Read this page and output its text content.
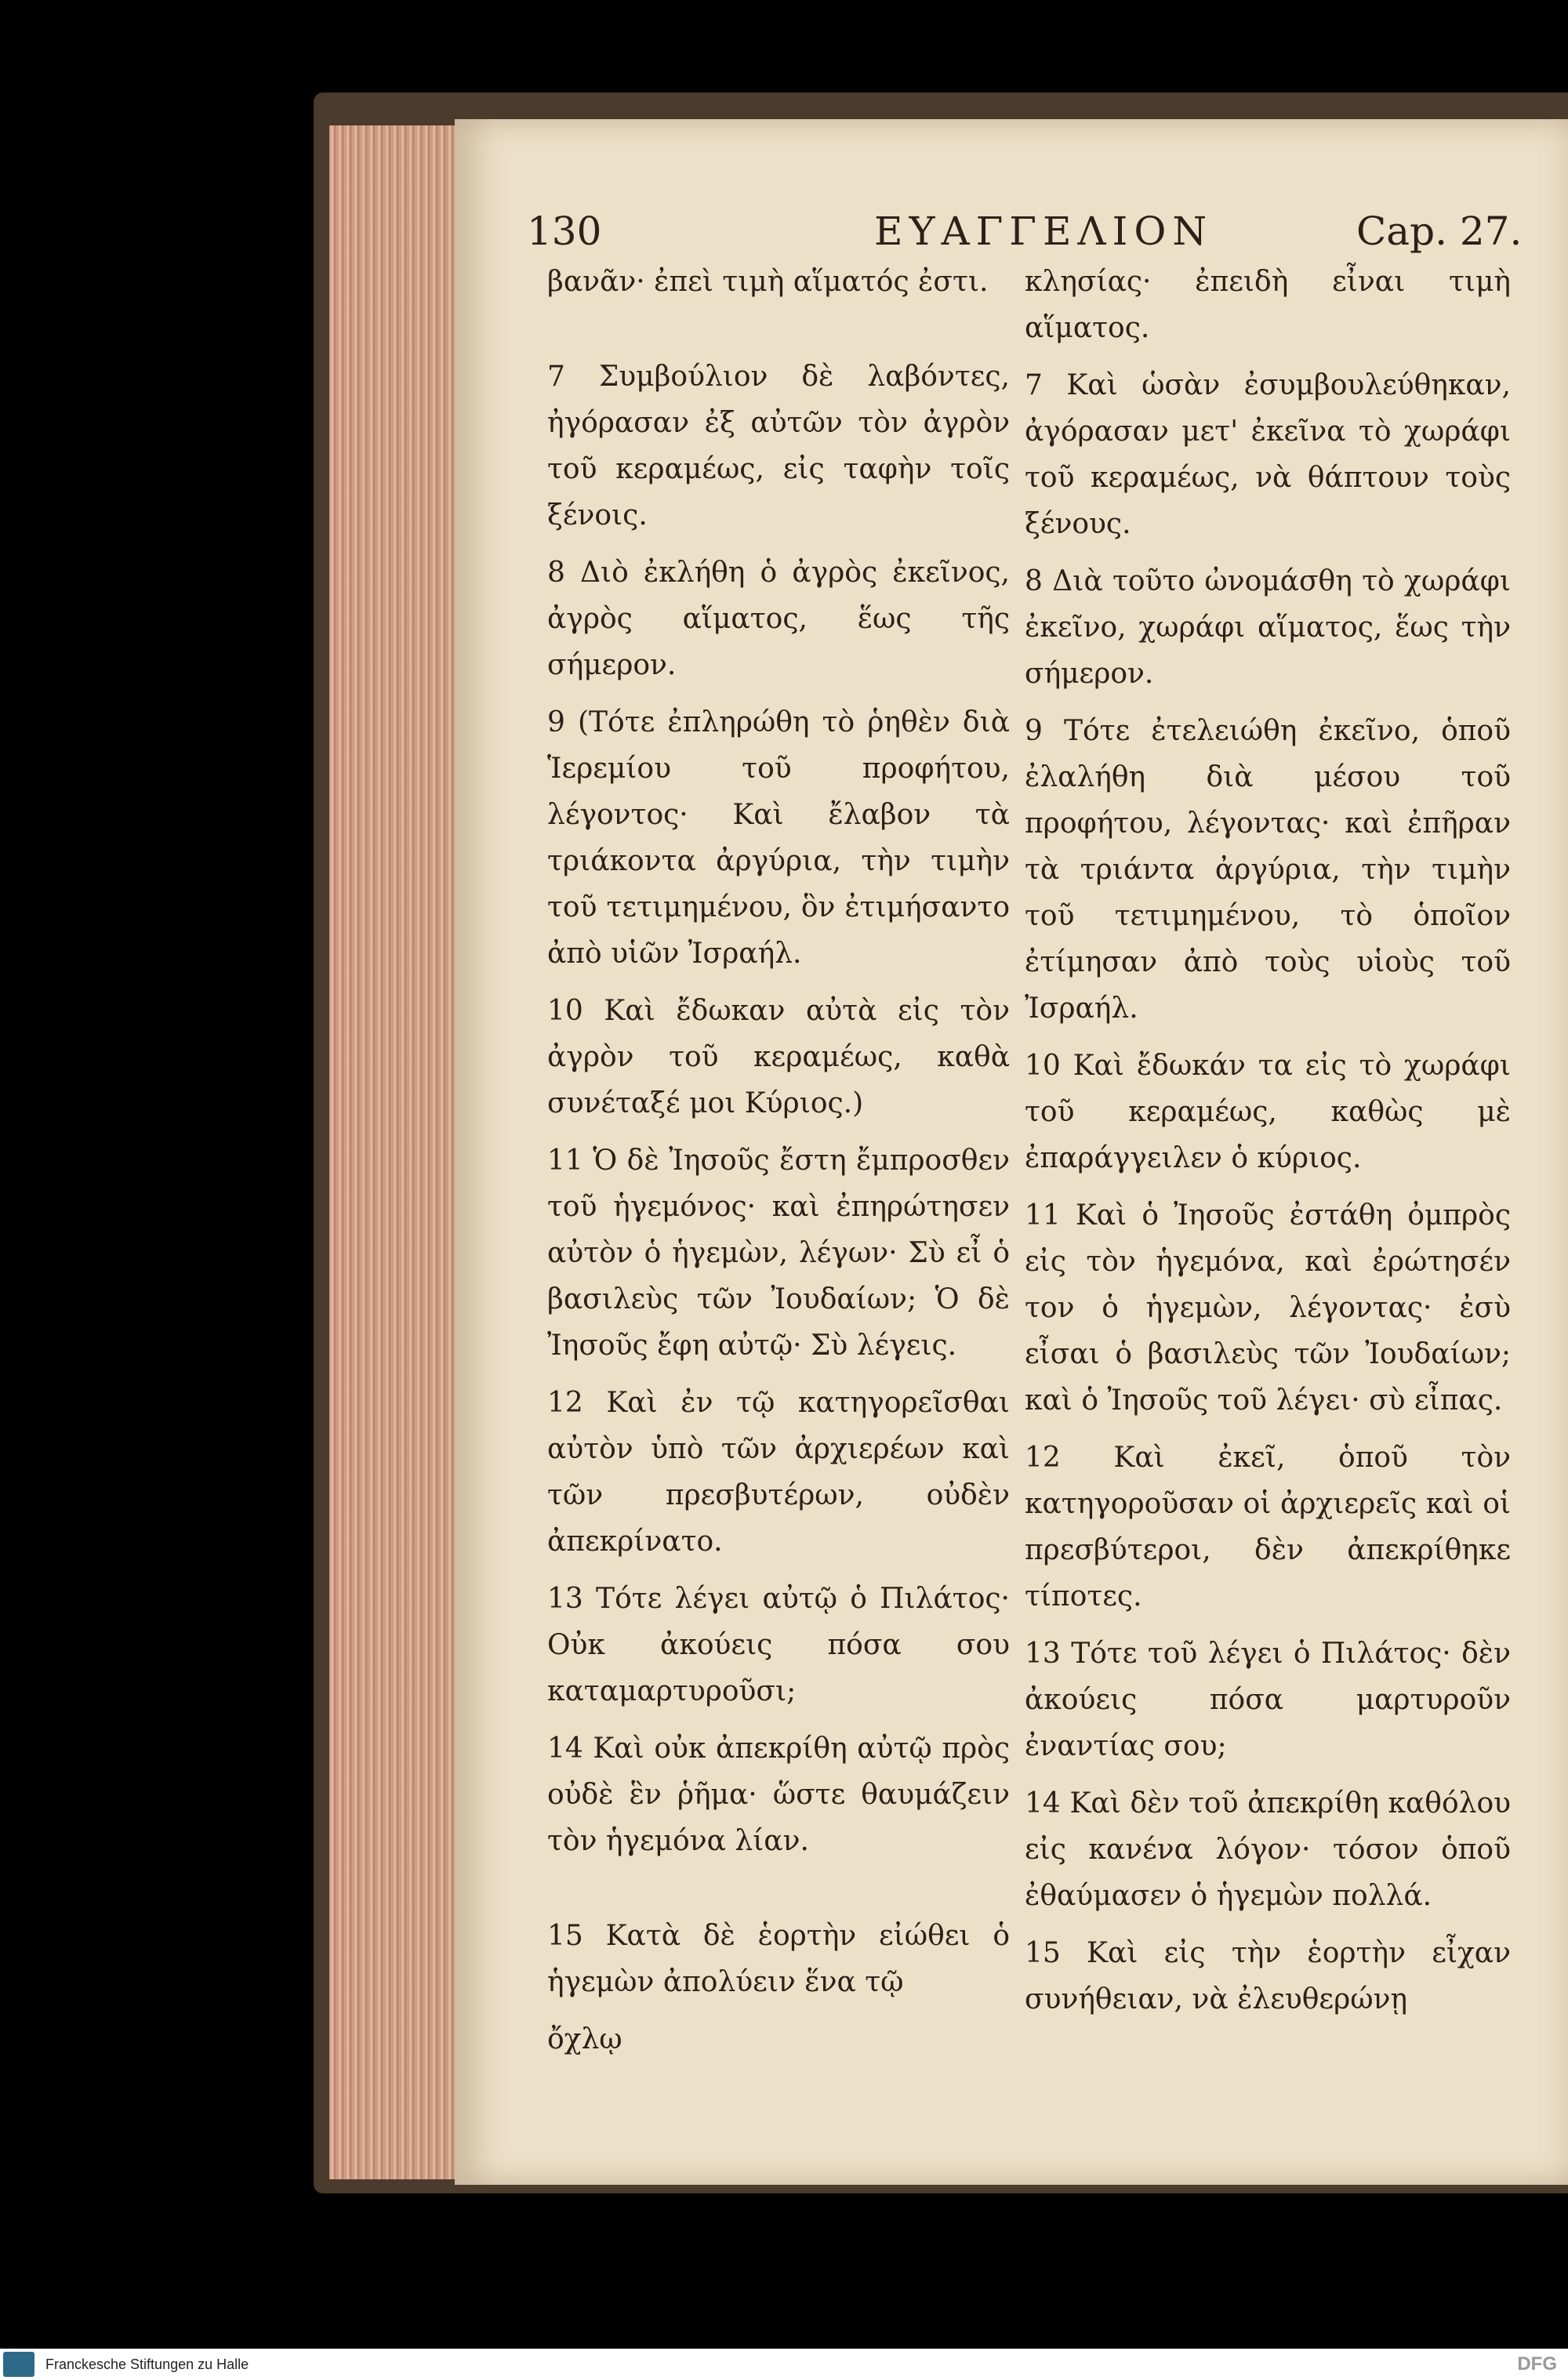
130	ΕΥΑΓΓΕΛΙΟΝ	Cap. 27.

βανᾶν· ἐπεὶ τιμὴ αἵματός ἐστι.

7 Συμβούλιον δὲ λαβόντες, ἠγόρασαν ἐξ αὐτῶν τὸν ἀγρὸν τοῦ κεραμέως, εἰς ταφὴν τοῖς ξένοις.

8 Διὸ ἐκλήθη ὁ ἀγρὸς ἐκεῖνος, ἀγρὸς αἵματος, ἕως τῆς σήμερον.

9 (Τότε ἐπληρώθη τὸ ῥηθὲν διὰ Ἱερεμίου τοῦ προφήτου, λέγοντος· Καὶ ἔλαβον τὰ τριάκοντα ἀργύρια, τὴν τιμὴν τοῦ τετιμημένου, ὃν ἐτιμήσαντο ἀπὸ υἱῶν Ἰσραήλ.

10 Καὶ ἔδωκαν αὐτὰ εἰς τὸν ἀγρὸν τοῦ κεραμέως, καθὰ συνέταξέ μοι Κύριος.)

11 Ὁ δὲ Ἰησοῦς ἔστη ἔμπροσθεν τοῦ ἡγεμόνος· καὶ ἐπηρώτησεν αὐτὸν ὁ ἡγεμὼν, λέγων· Σὺ εἶ ὁ βασιλεὺς τῶν Ἰουδαίων; Ὁ δὲ Ἰησοῦς ἔφη αὐτῷ· Σὺ λέγεις.

12 Καὶ ἐν τῷ κατηγορεῖσθαι αὐτὸν ὑπὸ τῶν ἀρχιερέων καὶ τῶν πρεσβυτέρων, οὐδὲν ἀπεκρίνατο.

13 Τότε λέγει αὐτῷ ὁ Πιλάτος· Οὐκ ἀκούεις πόσα σου καταμαρτυροῦσι;

14 Καὶ οὐκ ἀπεκρίθη αὐτῷ πρὸς οὐδὲ ἓν ῥῆμα· ὥστε θαυμάζειν τὸν ἡγεμόνα λίαν.

15 Κατὰ δὲ ἑορτὴν εἰώθει ὁ ἡγεμὼν ἀπολύειν ἕνα τῷ

ὄχλῳ

κλησίας· ἐπειδὴ εἶναι τιμὴ αἵματος.

7 Καὶ ὡσὰν ἐσυμβουλεύθηκαν, ἀγόρασαν μετ' ἐκεῖνα τὸ χωράφι τοῦ κεραμέως, νὰ θάπτουν τοὺς ξένους.

8 Διὰ τοῦτο ὠνομάσθη τὸ χωράφι ἐκεῖνο, χωράφι αἵματος, ἕως τὴν σήμερον.

9 Τότε ἐτελειώθη ἐκεῖνο, ὁποῦ ἐλαλήθη διὰ μέσου τοῦ προφήτου, λέγοντας· καὶ ἐπῆραν τὰ τριάντα ἀργύρια, τὴν τιμὴν τοῦ τετιμημένου, τὸ ὁποῖον ἐτίμησαν ἀπὸ τοὺς υἱοὺς τοῦ Ἰσραήλ.

10 Καὶ ἔδωκάν τα εἰς τὸ χωράφι τοῦ κεραμέως, καθὼς μὲ ἐπαράγγειλεν ὁ κύριος.

11 Καὶ ὁ Ἰησοῦς ἐστάθη ὀμπρὸς εἰς τὸν ἡγεμόνα, καὶ ἐρώτησέν τον ὁ ἡγεμὼν, λέγοντας· ἐσὺ εἶσαι ὁ βασιλεὺς τῶν Ἰουδαίων; καὶ ὁ Ἰησοῦς τοῦ λέγει· σὺ εἶπας.

12 Καὶ ἐκεῖ, ὁποῦ τὸν κατηγοροῦσαν οἱ ἀρχιερεῖς καὶ οἱ πρεσβύτεροι, δὲν ἀπεκρίθηκε τίποτες.

13 Τότε τοῦ λέγει ὁ Πιλάτος· δὲν ἀκούεις πόσα μαρτυροῦν ἐναντίας σου;

14 Καὶ δὲν τοῦ ἀπεκρίθη καθόλου εἰς κανένα λόγον· τόσον ὁποῦ ἐθαύμασεν ὁ ἡγεμὼν πολλά.

15 Καὶ εἰς τὴν ἑορτὴν εἶχαν συνήθειαν, νὰ ἐλευθερώνῃ

Franckesche Stiftungen zu Halle	DFG
